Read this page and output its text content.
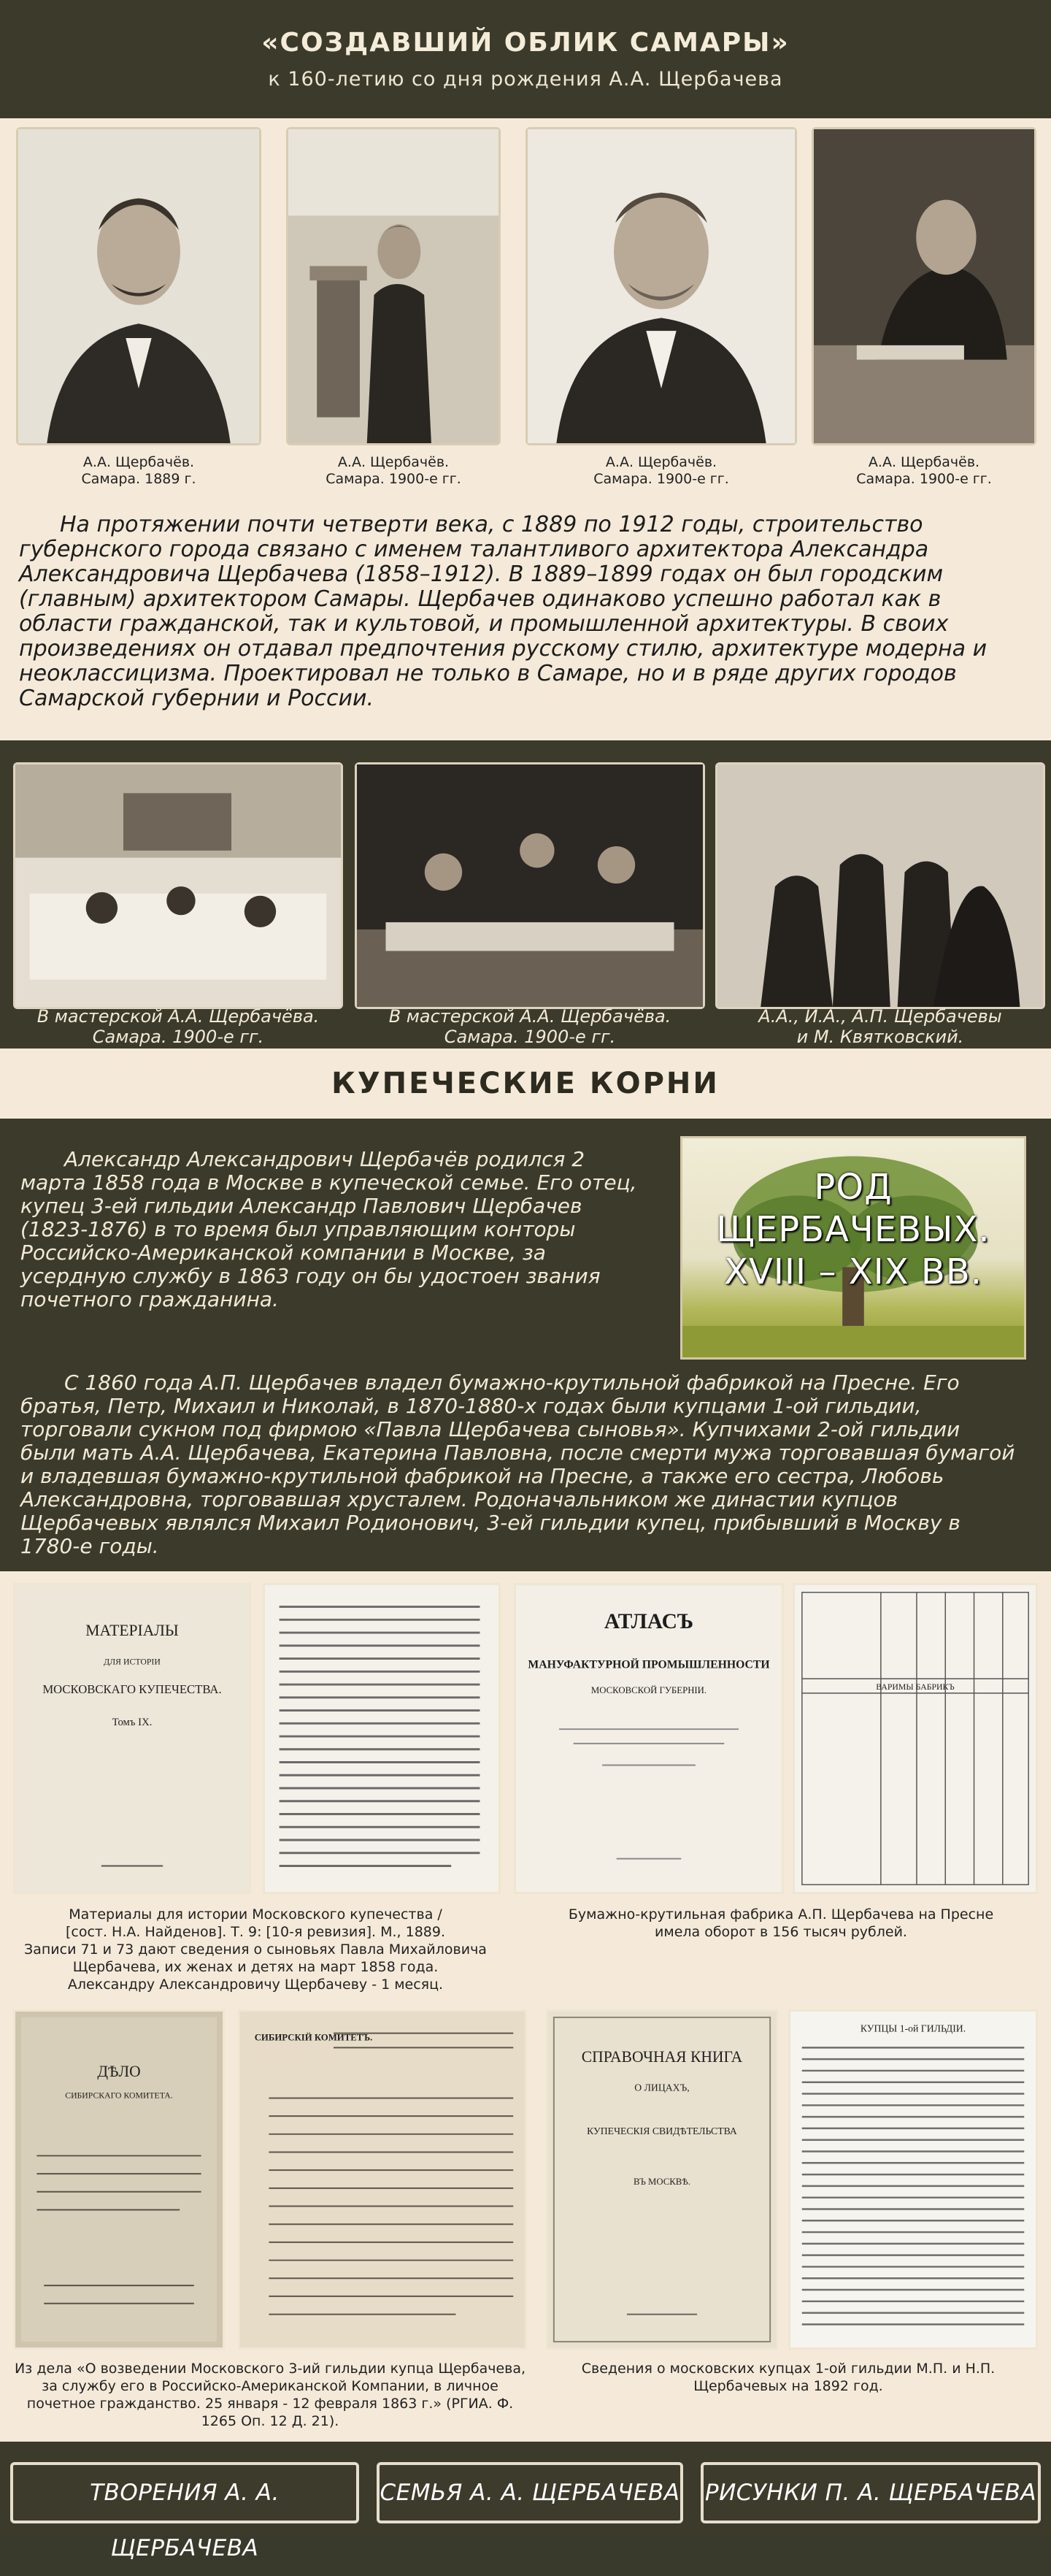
«СОЗДАВШИЙ ОБЛИК САМАРЫ»
к 160-летию со дня рождения А.А. Щербачева
А.А. Щербачёв.
Самара. 1889 г.
А.А. Щербачёв.
Самара. 1900-е гг.
А.А. Щербачёв.
Самара. 1900-е гг.
А.А. Щербачёв.
Самара. 1900-е гг.

На протяжении почти четверти века, с 1889 по 1912 годы, строительство губернского города связано с именем талантливого архитектора Александра Александровича Щербачева (1858–1912). В 1889–1899 годах он был городским (главным) архитектором Самары. Щербачев одинаково успешно работал как в области гражданской, так и культовой, и промышленной архитектуры. В своих произведениях он отдавал предпочтения русскому стилю, архитектуре модерна и неоклассицизма. Проектировал не только в Самаре, но и в ряде других городов Самарской губернии и России.

В мастерской А.А. Щербачёва.
Самара. 1900-е гг.
В мастерской А.А. Щербачёва.
Самара. 1900-е гг.
А.А., И.А., А.П. Щербачевы
и М. Квятковский.
КУПЕЧЕСКИЕ КОРНИ

Александр Александрович Щербачёв родился 2 марта 1858 года в Москве в купеческой семье. Его отец, купец 3-ей гильдии Александр Павлович Щербачев (1823-1876) в то время был управляющим конторы Российско-Американской компании в Москве, за усердную службу в 1863 году он бы удостоен звания почетного гражданина.

РОД
ЩЕРБАЧЕВЫХ.
XVIII – XIX ВВ.

С 1860 года А.П. Щербачев владел бумажно-крутильной фабрикой на Пресне. Его братья, Петр, Михаил и Николай, в 1870-1880-х годах были купцами 1-ой гильдии, торговали сукном под фирмою «Павла Щербачева сыновья». Купчихами 2-ой гильдии были мать А.А. Щербачева, Екатерина Павловна, после смерти мужа торговавшая бумагой и владевшая бумажно-крутильной фабрикой на Пресне, а также его сестра, Любовь Александровна, торговавшая хрусталем. Родоначальником же династии купцов Щербачевых являлся Михаил Родионович, 3-ей гильдии купец, прибывший в Москву в 1780-е годы.

МАТЕРІАЛЫ
ДЛЯ ИСТОРІИ
МОСКОВСКАГО КУПЕЧЕСТВА.
Томъ IX.
АТЛАСЪ
МАНУФАКТУРНОЙ ПРОМЫШЛЕННОСТИ
МОСКОВСКОЙ ГУБЕРНІИ.	ВАРИМЫ БАБРИКЪ
Материалы для истории Московского купечества /
[сост. Н.А. Найденов]. Т. 9: [10-я ревизия]. М., 1889.
Записи 71 и 73 дают сведения о сыновьях Павла Михайловича
Щербачева, их женах и детях на март 1858 года.
Александру Александровичу Щербачеву - 1 месяц.
Бумажно-крутильная фабрика А.П. Щербачева на Пресне
имела оборот в 156 тысяч рублей.
ДѢЛО
СИБИРСКАГО КОМИТЕТА.
СИБИРСКІЙ КОМИТЕТЪ.
СПРАВОЧНАЯ КНИГА
О ЛИЦАХЪ,
КУПЕЧЕСКІЯ СВИДѢТЕЛЬСТВА
ВЪ МОСКВѢ.
КУПЦЫ 1-ой ГИЛЬДІИ.
Из дела «О возведении Московского 3-ий гильдии купца Щербачева,
за службу его в Российско-Американской Компании, в личное
почетное гражданство. 25 января - 12 февраля 1863 г.» (РГИА. Ф.
1265 Оп. 12 Д. 21).
Сведения о московских купцах 1-ой гильдии М.П. и Н.П.
Щербачевых на 1892 год.
ТВОРЕНИЯ А. А. ЩЕРБАЧЕВА
СЕМЬЯ А. А. ЩЕРБАЧЕВА РИСУНКИ П. А. ЩЕРБАЧЕВА
